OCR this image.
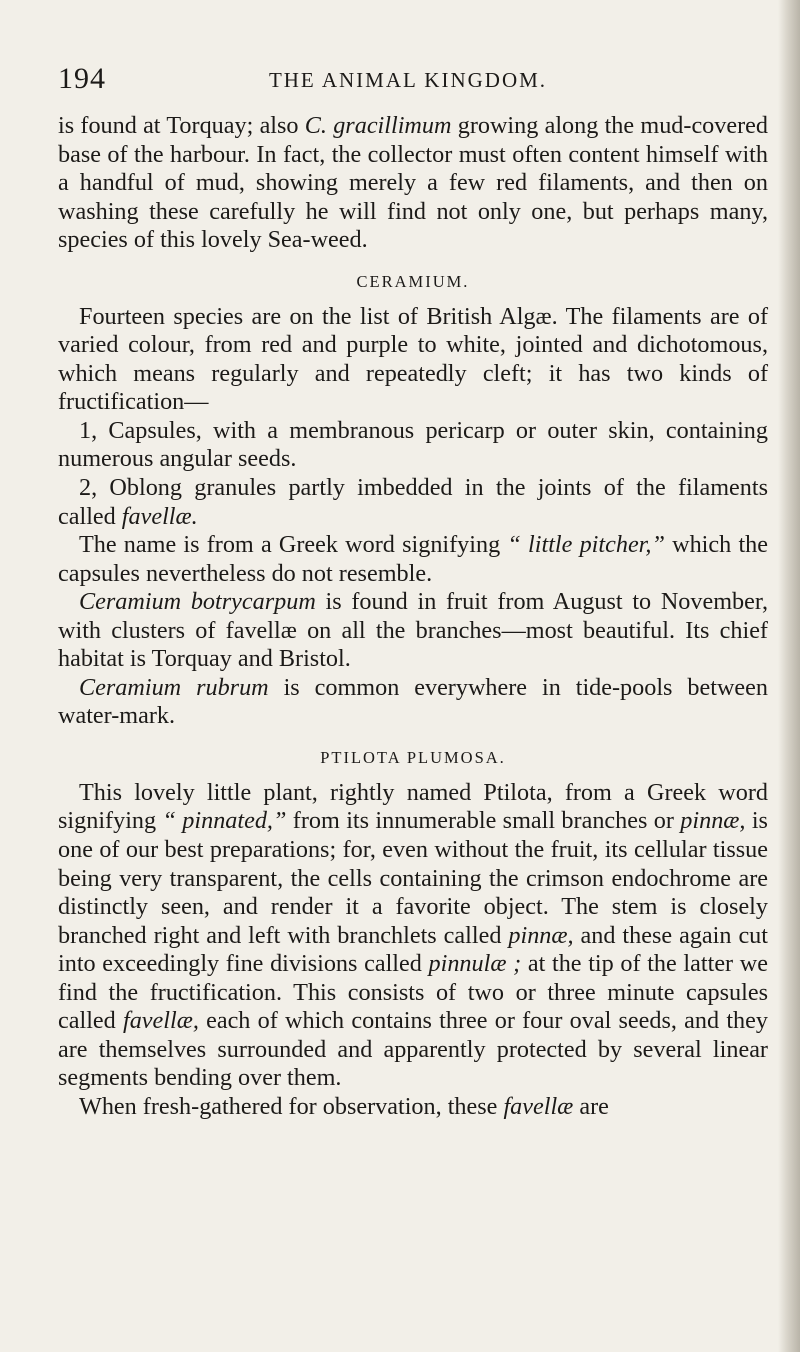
194	THE ANIMAL KINGDOM.

is found at Torquay; also C. gracillimum growing along the mud-covered base of the harbour. In fact, the collector must often content himself with a handful of mud, showing merely a few red filaments, and then on washing these carefully he will find not only one, but perhaps many, species of this lovely Sea-weed.

CERAMIUM.

Fourteen species are on the list of British Algæ. The filaments are of varied colour, from red and purple to white, jointed and dichotomous, which means regularly and repeatedly cleft; it has two kinds of fructification—

1, Capsules, with a membranous pericarp or outer skin, containing numerous angular seeds.

2, Oblong granules partly imbedded in the joints of the filaments called favellæ.

The name is from a Greek word signifying “ little pitcher,” which the capsules nevertheless do not resemble.

Ceramium botrycarpum is found in fruit from August to November, with clusters of favellæ on all the branches—most beautiful. Its chief habitat is Torquay and Bristol.

Ceramium rubrum is common everywhere in tide-pools between water-mark.

PTILOTA PLUMOSA.

This lovely little plant, rightly named Ptilota, from a Greek word signifying “ pinnated,” from its innumerable small branches or pinnæ, is one of our best preparations; for, even without the fruit, its cellular tissue being very transparent, the cells containing the crimson endochrome are distinctly seen, and render it a favorite object. The stem is closely branched right and left with branchlets called pinnæ, and these again cut into exceedingly fine divisions called pinnulæ ; at the tip of the latter we find the fructification. This consists of two or three minute capsules called favellæ, each of which contains three or four oval seeds, and they are themselves surrounded and apparently protected by several linear segments bending over them.

When fresh-gathered for observation, these favellæ are
